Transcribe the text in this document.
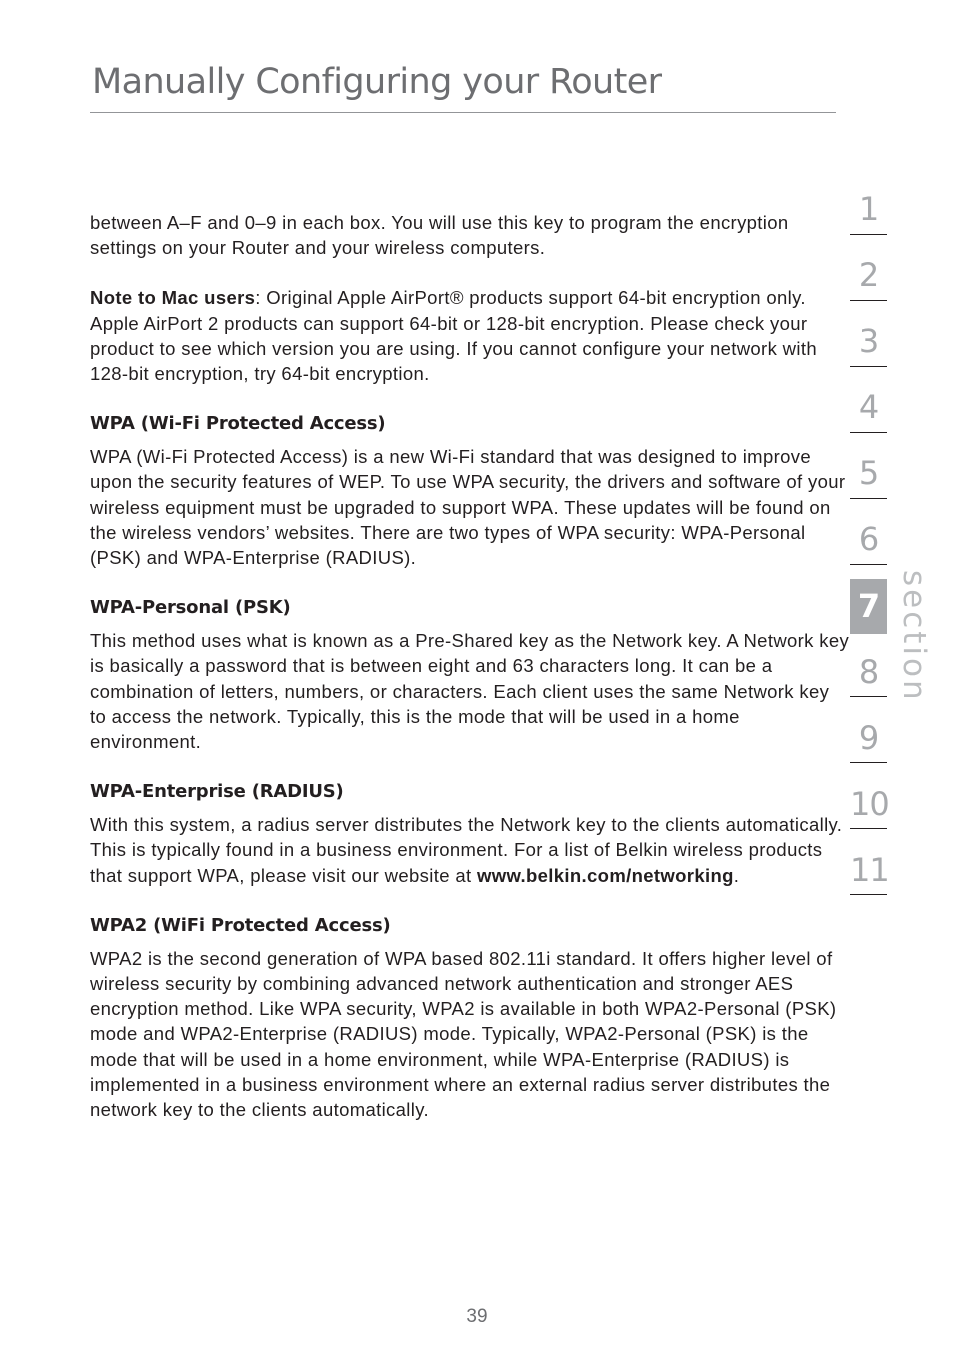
Manually Configuring your Router

between A–F and 0–9 in each box. You will use this key to program the encryption settings on your Router and your wireless computers.

Note to Mac users: Original Apple AirPort® products support 64-bit encryption only. Apple AirPort 2 products can support 64-bit or 128-bit encryption. Please check your product to see which version you are using. If you cannot configure your network with 128-bit encryption, try 64-bit encryption.

WPA (Wi-Fi Protected Access)

WPA (Wi-Fi Protected Access) is a new Wi-Fi standard that was designed to improve upon the security features of WEP. To use WPA security, the drivers and software of your wireless equipment must be upgraded to support WPA. These updates will be found on the wireless vendors’ websites. There are two types of WPA security: WPA-Personal (PSK) and WPA-Enterprise (RADIUS).

WPA-Personal (PSK)

This method uses what is known as a Pre-Shared key as the Network key. A Network key is basically a password that is between eight and 63 characters long. It can be a combination of letters, numbers, or characters. Each client uses the same Network key to access the network. Typically, this is the mode that will be used in a home environment.

WPA-Enterprise (RADIUS)

With this system, a radius server distributes the Network key to the clients automatically. This is typically found in a business environment. For a list of Belkin wireless products that support WPA, please visit our website at www.belkin.com/networking.

WPA2 (WiFi Protected Access)

WPA2 is the second generation of WPA based 802.11i standard. It offers higher level of wireless security by combining advanced network authentication and stronger AES encryption method. Like WPA security, WPA2 is available in both WPA2-Personal (PSK) mode and WPA2-Enterprise (RADIUS) mode. Typically, WPA2-Personal (PSK) is the mode that will be used in a home environment, while WPA-Enterprise (RADIUS) is implemented in a business environment where an external radius server distributes the network key to the clients automatically.

1
2
3
4
5
6
7
8
9
10
11
section
39
